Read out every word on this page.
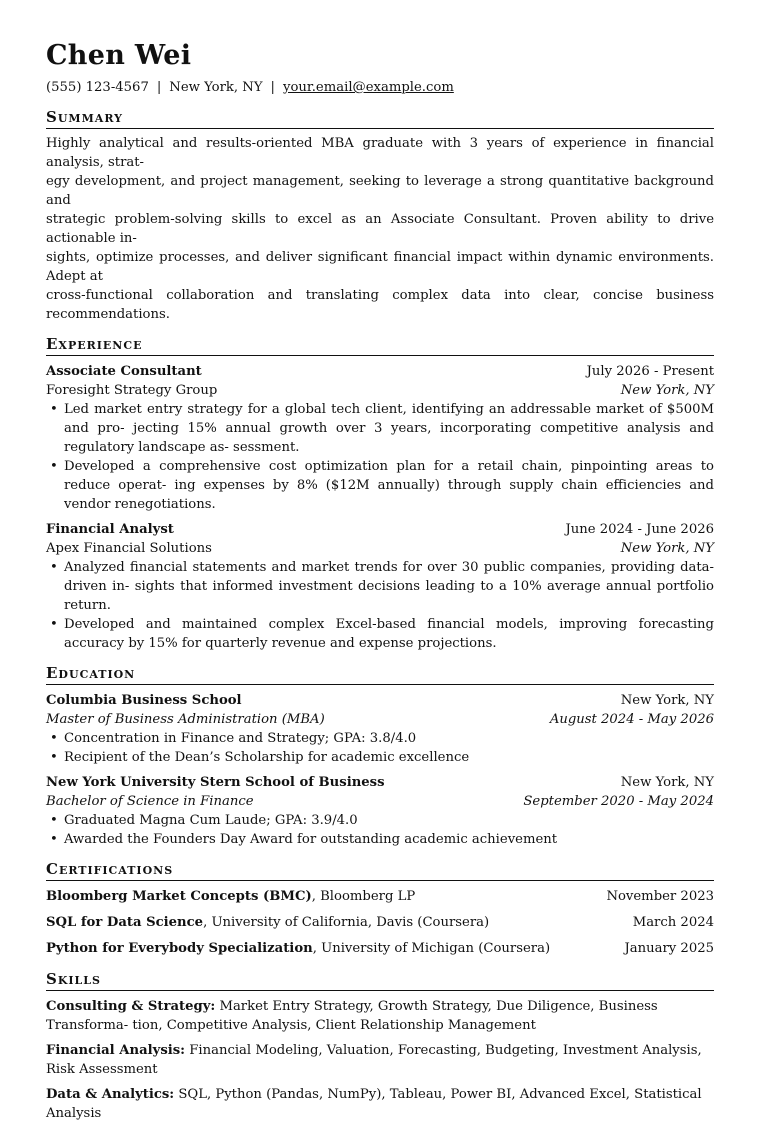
Chen Wei
(555) 123-4567 | New York, NY | your.email@example.com
Summary
Highly analytical and results-oriented MBA graduate with 3 years of experience in financial analysis, strat-
egy development, and project management, seeking to leverage a strong quantitative background and
strategic problem-solving skills to excel as an Associate Consultant. Proven ability to drive actionable in-
sights, optimize processes, and deliver significant financial impact within dynamic environments. Adept at
cross-functional collaboration and translating complex data into clear, concise business recommendations.
Experience
Associate Consultant	July 2026 - Present
Foresight Strategy Group	New York, NY
• Led market entry strategy for a global tech client, identifying an addressable market of $500M and pro- jecting 15% annual growth over 3 years, incorporating competitive analysis and regulatory landscape as- sessment.
• Developed a comprehensive cost optimization plan for a retail chain, pinpointing areas to reduce operat- ing expenses by 8% ($12M annually) through supply chain efficiencies and vendor renegotiations.
Financial Analyst	June 2024 - June 2026
Apex Financial Solutions	New York, NY
• Analyzed financial statements and market trends for over 30 public companies, providing data-driven in- sights that informed investment decisions leading to a 10% average annual portfolio return.
• Developed and maintained complex Excel-based financial models, improving forecasting accuracy by 15% for quarterly revenue and expense projections.
Education
Columbia Business School	New York, NY
Master of Business Administration (MBA)	August 2024 - May 2026
• Concentration in Finance and Strategy; GPA: 3.8/4.0
• Recipient of the Dean’s Scholarship for academic excellence
New York University Stern School of Business	New York, NY
Bachelor of Science in Finance	September 2020 - May 2024
• Graduated Magna Cum Laude; GPA: 3.9/4.0
• Awarded the Founders Day Award for outstanding academic achievement
Certifications
Bloomberg Market Concepts (BMC), Bloomberg LP	November 2023
SQL for Data Science, University of California, Davis (Coursera)	March 2024
Python for Everybody Specialization, University of Michigan (Coursera)	January 2025
Skills
Consulting & Strategy: Market Entry Strategy, Growth Strategy, Due Diligence, Business Transforma- tion, Competitive Analysis, Client Relationship Management
Financial Analysis: Financial Modeling, Valuation, Forecasting, Budgeting, Investment Analysis, Risk Assessment
Data & Analytics: SQL, Python (Pandas, NumPy), Tableau, Power BI, Advanced Excel, Statistical Analysis
